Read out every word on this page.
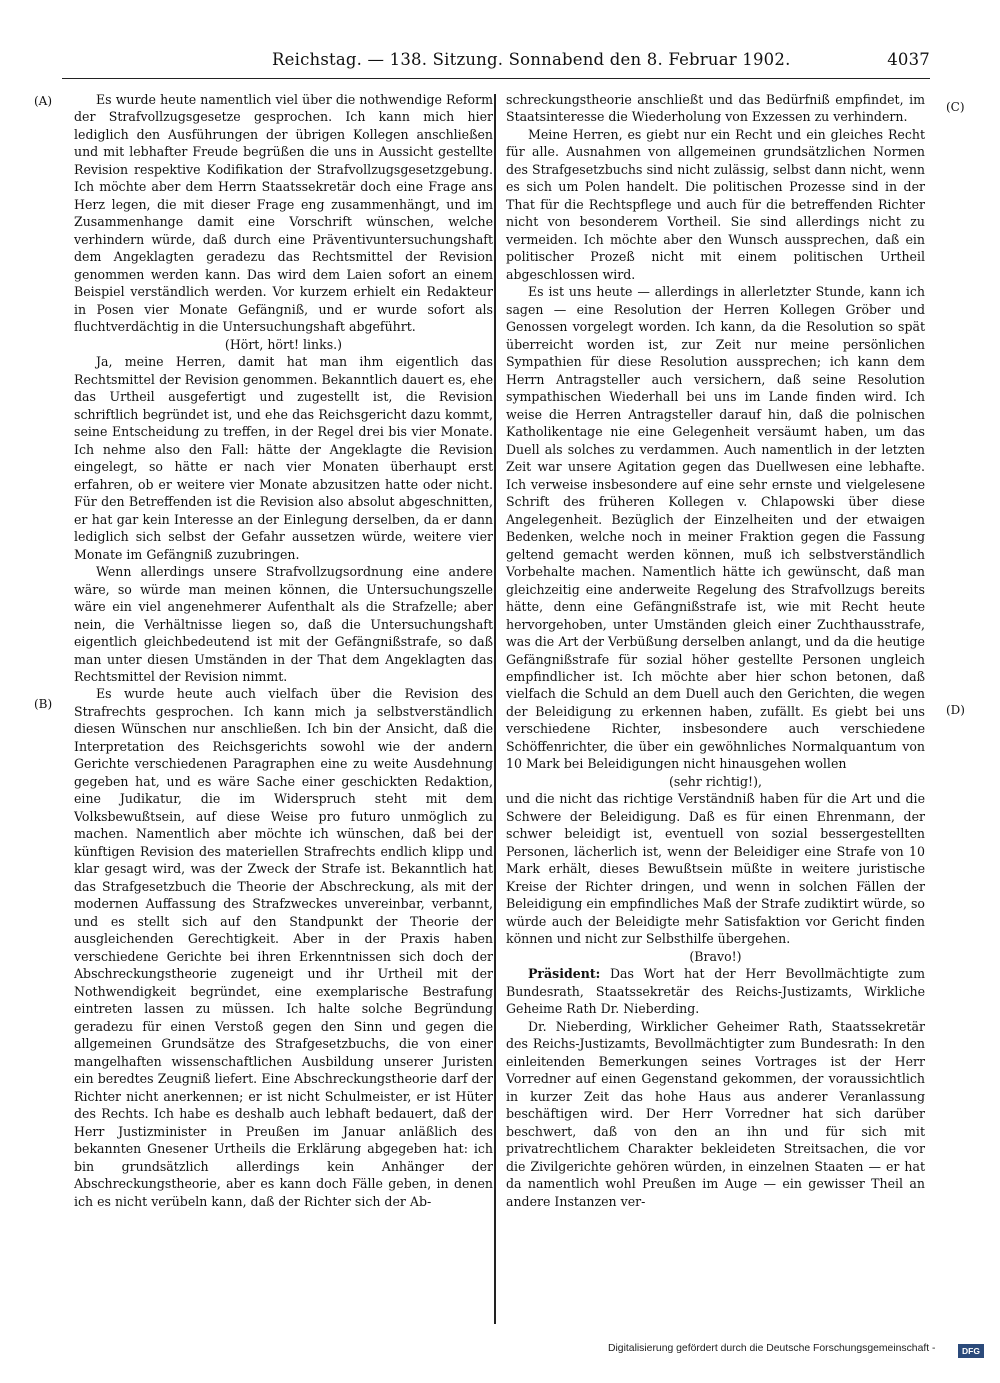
Reichstag. — 138. Sitzung. Sonnabend den 8. Februar 1902.	4037
(A)
(B)
(C)
(D)

Es wurde heute namentlich viel über die nothwendige Reform der Strafvollzugsgesetze gesprochen. Ich kann mich hier lediglich den Ausführungen der übrigen Kollegen anschließen und mit lebhafter Freude begrüßen die uns in Aussicht gestellte Revision respektive Kodifikation der Strafvollzugsgesetzgebung. Ich möchte aber dem Herrn Staatssekretär doch eine Frage ans Herz legen, die mit dieser Frage eng zusammenhängt, und im Zusammenhange damit eine Vorschrift wünschen, welche verhindern würde, daß durch eine Präventivuntersuchungshaft dem Angeklagten geradezu das Rechtsmittel der Revision genommen werden kann. Das wird dem Laien sofort an einem Beispiel verständlich werden. Vor kurzem erhielt ein Redakteur in Posen vier Monate Gefängniß, und er wurde sofort als fluchtverdächtig in die Untersuchungshaft abgeführt.

(Hört, hört! links.)

Ja, meine Herren, damit hat man ihm eigentlich das Rechtsmittel der Revision genommen. Bekanntlich dauert es, ehe das Urtheil ausgefertigt und zugestellt ist, die Revision schriftlich begründet ist, und ehe das Reichsgericht dazu kommt, seine Entscheidung zu treffen, in der Regel drei bis vier Monate. Ich nehme also den Fall: hätte der Angeklagte die Revision eingelegt, so hätte er nach vier Monaten überhaupt erst erfahren, ob er weitere vier Monate abzusitzen hatte oder nicht. Für den Betreffenden ist die Revision also absolut abgeschnitten, er hat gar kein Interesse an der Einlegung derselben, da er dann lediglich sich selbst der Gefahr aussetzen würde, weitere vier Monate im Gefängniß zuzubringen.

Wenn allerdings unsere Strafvollzugsordnung eine andere wäre, so würde man meinen können, die Untersuchungszelle wäre ein viel angenehmerer Aufenthalt als die Strafzelle; aber nein, die Verhältnisse liegen so, daß die Untersuchungshaft eigentlich gleichbedeutend ist mit der Gefängnißstrafe, so daß man unter diesen Umständen in der That dem Angeklagten das Rechtsmittel der Revision nimmt.

Es wurde heute auch vielfach über die Revision des Strafrechts gesprochen. Ich kann mich ja selbstverständlich diesen Wünschen nur anschließen. Ich bin der Ansicht, daß die Interpretation des Reichsgerichts sowohl wie der andern Gerichte verschiedenen Paragraphen eine zu weite Ausdehnung gegeben hat, und es wäre Sache einer geschickten Redaktion, eine Judikatur, die im Widerspruch steht mit dem Volksbewußtsein, auf diese Weise pro futuro unmöglich zu machen. Namentlich aber möchte ich wünschen, daß bei der künftigen Revision des materiellen Strafrechts endlich klipp und klar gesagt wird, was der Zweck der Strafe ist. Bekanntlich hat das Strafgesetzbuch die Theorie der Abschreckung, als mit der modernen Auffassung des Strafzweckes unvereinbar, verbannt, und es stellt sich auf den Standpunkt der Theorie der ausgleichenden Gerechtigkeit. Aber in der Praxis haben verschiedene Gerichte bei ihren Erkenntnissen sich doch der Abschreckungstheorie zugeneigt und ihr Urtheil mit der Nothwendigkeit begründet, eine exemplarische Bestrafung eintreten lassen zu müssen. Ich halte solche Begründung geradezu für einen Verstoß gegen den Sinn und gegen die allgemeinen Grundsätze des Strafgesetzbuchs, die von einer mangelhaften wissenschaftlichen Ausbildung unserer Juristen ein beredtes Zeugniß liefert. Eine Abschreckungstheorie darf der Richter nicht anerkennen; er ist nicht Schulmeister, er ist Hüter des Rechts. Ich habe es deshalb auch lebhaft bedauert, daß der Herr Justizminister in Preußen im Januar anläßlich des bekannten Gnesener Urtheils die Erklärung abgegeben hat: ich bin grundsätzlich allerdings kein Anhänger der Abschreckungstheorie, aber es kann doch Fälle geben, in denen ich es nicht verübeln kann, daß der Richter sich der Ab-

schreckungstheorie anschließt und das Bedürfniß empfindet, im Staatsinteresse die Wiederholung von Exzessen zu verhindern.

Meine Herren, es giebt nur ein Recht und ein gleiches Recht für alle. Ausnahmen von allgemeinen grundsätzlichen Normen des Strafgesetzbuchs sind nicht zulässig, selbst dann nicht, wenn es sich um Polen handelt. Die politischen Prozesse sind in der That für die Rechtspflege und auch für die betreffenden Richter nicht von besonderem Vortheil. Sie sind allerdings nicht zu vermeiden. Ich möchte aber den Wunsch aussprechen, daß ein politischer Prozeß nicht mit einem politischen Urtheil abgeschlossen wird.

Es ist uns heute — allerdings in allerletzter Stunde, kann ich sagen — eine Resolution der Herren Kollegen Gröber und Genossen vorgelegt worden. Ich kann, da die Resolution so spät überreicht worden ist, zur Zeit nur meine persönlichen Sympathien für diese Resolution aussprechen; ich kann dem Herrn Antragsteller auch versichern, daß seine Resolution sympathischen Wiederhall bei uns im Lande finden wird. Ich weise die Herren Antragsteller darauf hin, daß die polnischen Katholikentage nie eine Gelegenheit versäumt haben, um das Duell als solches zu verdammen. Auch namentlich in der letzten Zeit war unsere Agitation gegen das Duellwesen eine lebhafte. Ich verweise insbesondere auf eine sehr ernste und vielgelesene Schrift des früheren Kollegen v. Chlapowski über diese Angelegenheit. Bezüglich der Einzelheiten und der etwaigen Bedenken, welche noch in meiner Fraktion gegen die Fassung geltend gemacht werden können, muß ich selbstverständlich Vorbehalte machen. Namentlich hätte ich gewünscht, daß man gleichzeitig eine anderweite Regelung des Strafvollzugs bereits hätte, denn eine Gefängnißstrafe ist, wie mit Recht heute hervorgehoben, unter Umständen gleich einer Zuchthausstrafe, was die Art der Verbüßung derselben anlangt, und da die heutige Gefängnißstrafe für sozial höher gestellte Personen ungleich empfindlicher ist. Ich möchte aber hier schon betonen, daß vielfach die Schuld an dem Duell auch den Gerichten, die wegen der Beleidigung zu erkennen haben, zufällt. Es giebt bei uns verschiedene Richter, insbesondere auch verschiedene Schöffenrichter, die über ein gewöhnliches Normalquantum von 10 Mark bei Beleidigungen nicht hinausgehen wollen

(sehr richtig!),

und die nicht das richtige Verständniß haben für die Art und die Schwere der Beleidigung. Daß es für einen Ehrenmann, der schwer beleidigt ist, eventuell von sozial bessergestellten Personen, lächerlich ist, wenn der Beleidiger eine Strafe von 10 Mark erhält, dieses Bewußtsein müßte in weitere juristische Kreise der Richter dringen, und wenn in solchen Fällen der Beleidigung ein empfindliches Maß der Strafe zudiktirt würde, so würde auch der Beleidigte mehr Satisfaktion vor Gericht finden können und nicht zur Selbsthilfe übergehen.

(Bravo!)

Präsident: Das Wort hat der Herr Bevollmächtigte zum Bundesrath, Staatssekretär des Reichs-Justizamts, Wirkliche Geheime Rath Dr. Nieberding.

Dr. Nieberding, Wirklicher Geheimer Rath, Staatssekretär des Reichs-Justizamts, Bevollmächtigter zum Bundesrath: In den einleitenden Bemerkungen seines Vortrages ist der Herr Vorredner auf einen Gegenstand gekommen, der voraussichtlich in kurzer Zeit das hohe Haus aus anderer Veranlassung beschäftigen wird. Der Herr Vorredner hat sich darüber beschwert, daß von den an ihn und für sich mit privatrechtlichem Charakter bekleideten Streitsachen, die vor die Zivilgerichte gehören würden, in einzelnen Staaten — er hat da namentlich wohl Preußen im Auge — ein gewisser Theil an andere Instanzen ver-

Digitalisierung gefördert durch die Deutsche Forschungsgemeinschaft -	DFG
